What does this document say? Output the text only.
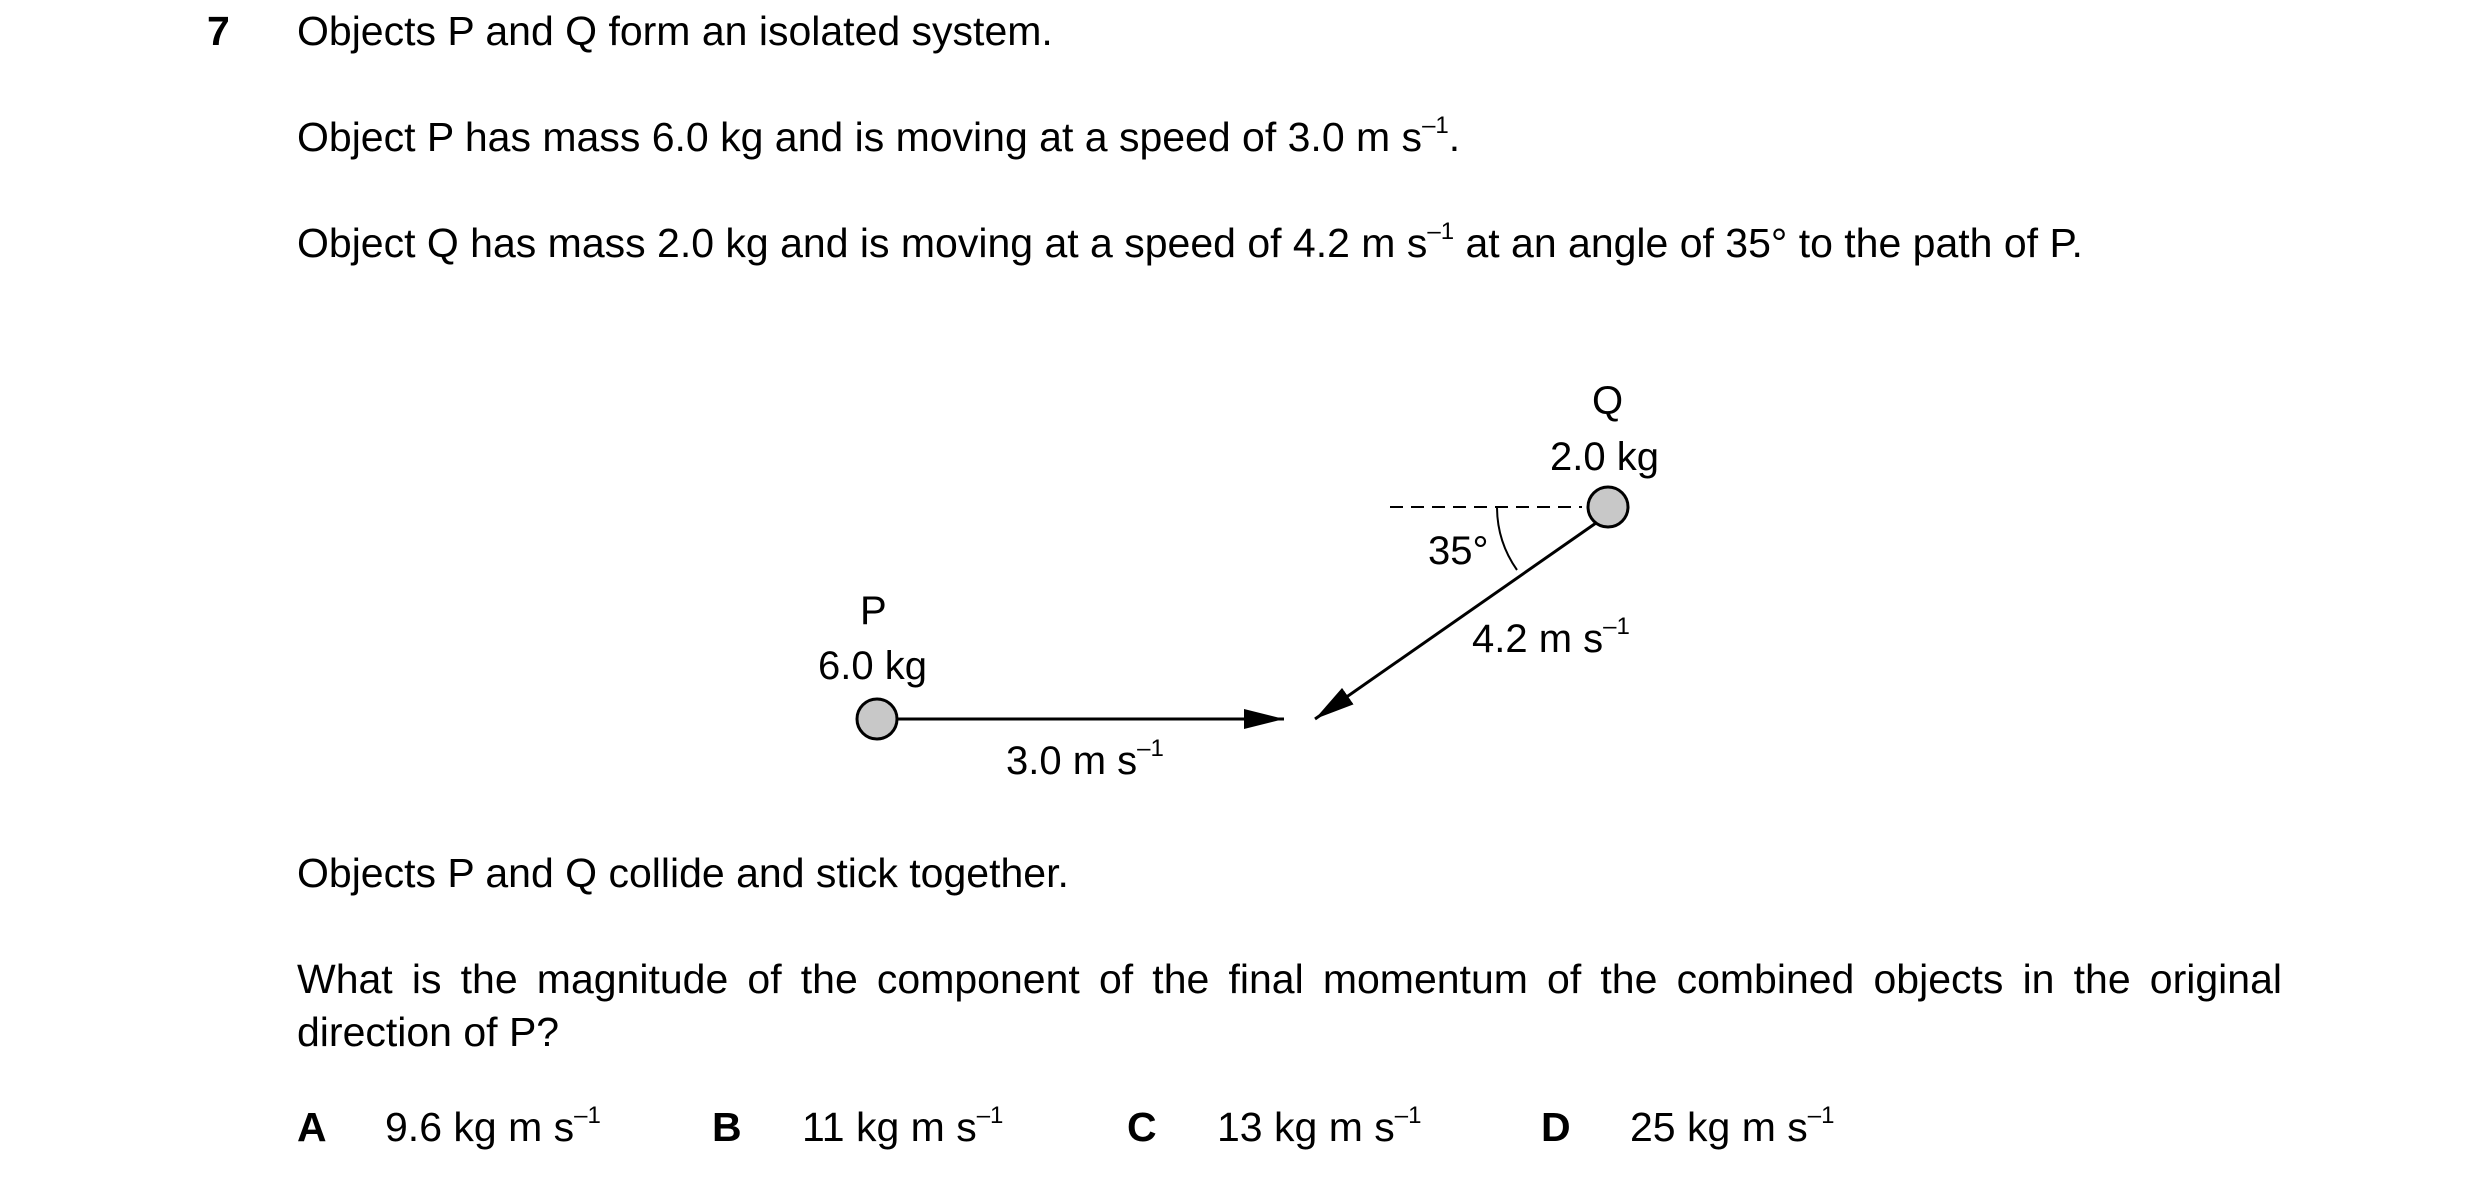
7 Objects P and Q form an isolated system.
Object P has mass 6.0 kg and is moving at a speed of 3.0 m $s^{-1}$.
Object Q has mass 2.0 kg and is moving at a speed of 4.2 m $s^{-1}$ at an angle of 35° to the path of P.
P
6.0 kg
3.0 m $s^{-1}$
Q
2.0 kg
35°
4.2 m $s^{-1}$
Objects P and Q collide and stick together.
What is the magnitude of the component of the final momentum of the combined objects in the original direction of P?
A 9.6 kg m $s^{-1}$	B 11 kg m $s^{-1}$	C 13 kg m $s^{-1}$	D 25 kg m $s^{-1}$
